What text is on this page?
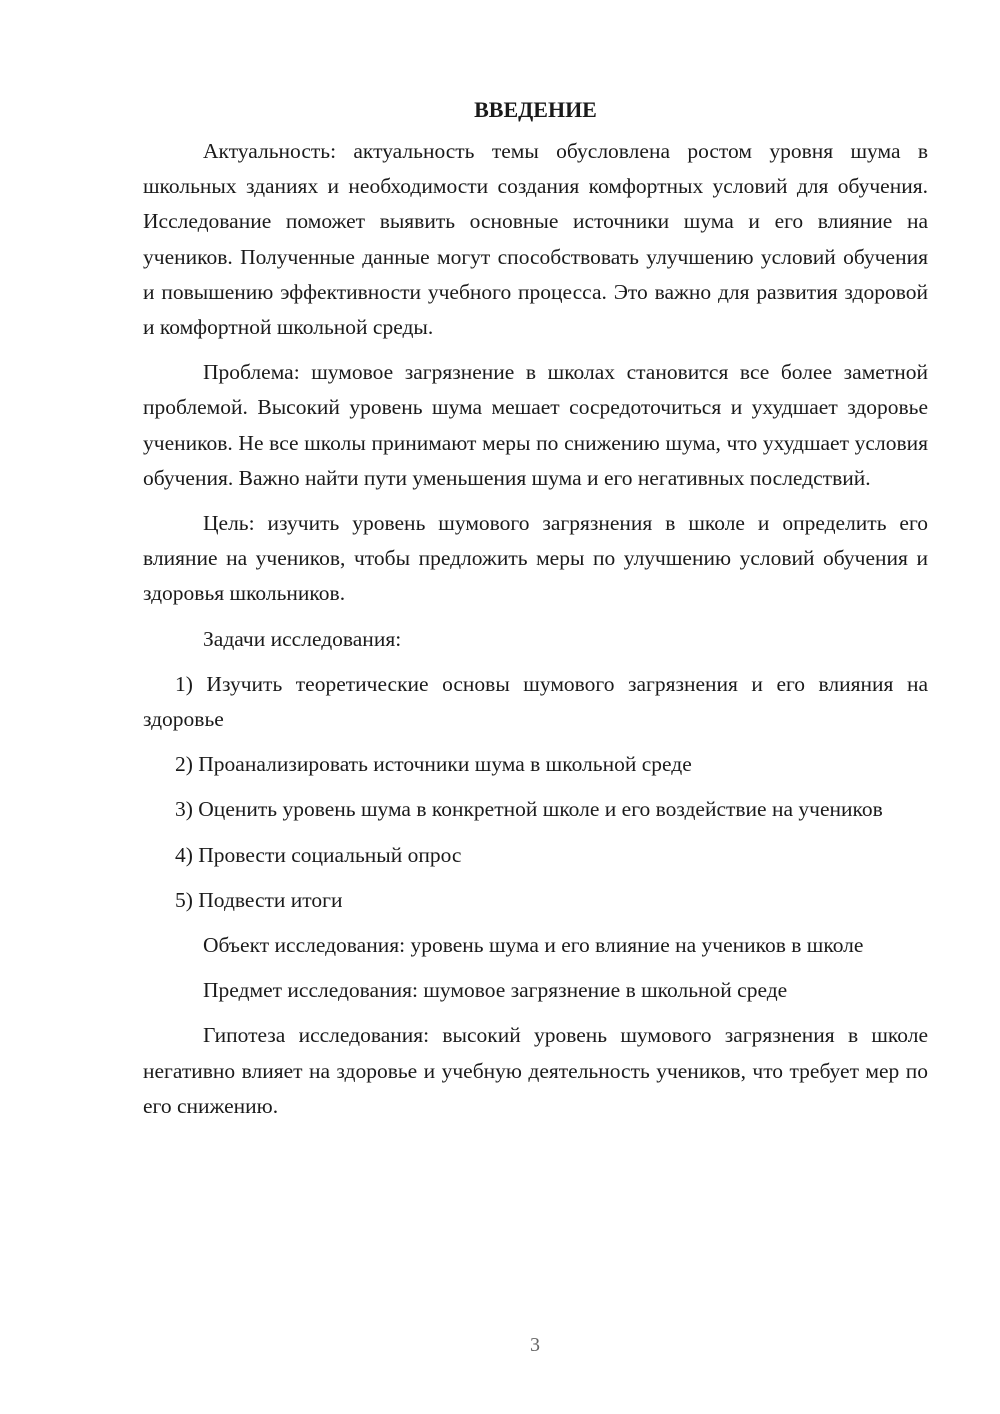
ВВЕДЕНИЕ

Актуальность: актуальность темы обусловлена ростом уровня шума в школьных зданиях и необходимости создания комфортных условий для обучения. Исследование поможет выявить основные источники шума и его влияние на учеников. Полученные данные могут способствовать улучшению условий обучения и повышению эффективности учебного процесса. Это важно для развития здоровой и комфортной школьной среды.

Проблема: шумовое загрязнение в школах становится все более заметной проблемой. Высокий уровень шума мешает сосредоточиться и ухудшает здоровье учеников. Не все школы принимают меры по снижению шума, что ухудшает условия обучения. Важно найти пути уменьшения шума и его негативных последствий.

Цель: изучить уровень шумового загрязнения в школе и определить его влияние на учеников, чтобы предложить меры по улучшению условий обучения и здоровья школьников.

Задачи исследования:

1) Изучить теоретические основы шумового загрязнения и его влияния на здоровье

2) Проанализировать источники шума в школьной среде

3) Оценить уровень шума в конкретной школе и его воздействие на учеников

4) Провести социальный опрос

5) Подвести итоги

Объект исследования: уровень шума и его влияние на учеников в школе

Предмет исследования: шумовое загрязнение в школьной среде

Гипотеза исследования: высокий уровень шумового загрязнения в школе негативно влияет на здоровье и учебную деятельность учеников, что требует мер по его снижению.

3
